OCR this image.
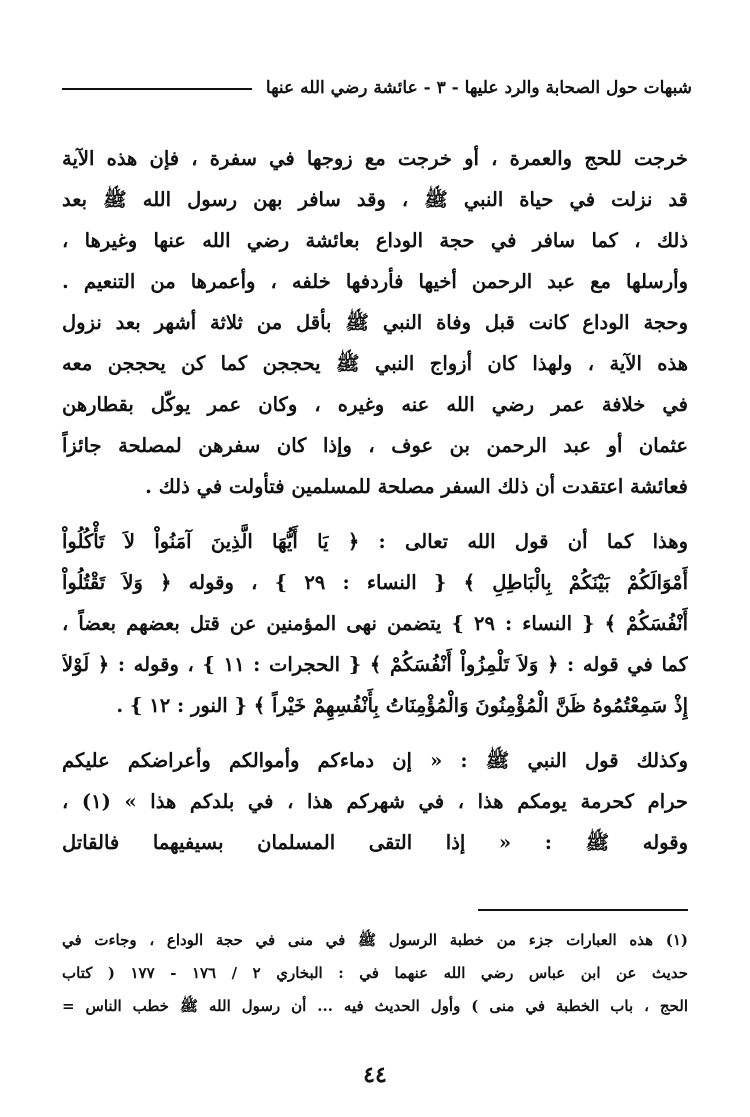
شبهات حول الصحابة والرد عليها - ٣ - عائشة رضي الله عنها
خرجت للحج والعمرة ، أو خرجت مع زوجها في سفرة ، فإن هذه الآية
قد نزلت في حياة النبي ﷺ ، وقد سافر بهن رسول الله ﷺ بعد
ذلك ، كما سافر في حجة الوداع بعائشة رضي الله عنها وغيرها ،
وأرسلها مع عبد الرحمن أخيها فأردفها خلفه ، وأعمرها من التنعيم .
وحجة الوداع كانت قبل وفاة النبي ﷺ بأقل من ثلاثة أشهر بعد نزول
هذه الآية ، ولهذا كان أزواج النبي ﷺ يحججن كما كن يحججن معه
في خلافة عمر رضي الله عنه وغيره ، وكان عمر يوكّل بقطارهن
عثمان أو عبد الرحمن بن عوف ، وإذا كان سفرهن لمصلحة جائزاً
فعائشة اعتقدت أن ذلك السفر مصلحة للمسلمين فتأولت في ذلك .
وهذا كما أن قول الله تعالى : ﴿ يَا أَيُّهَا الَّذِينَ آمَنُواْ لاَ تَأْكُلُواْ
أَمْوَالَكُمْ بَيْنَكُمْ بِالْبَاطِلِ ﴾ { النساء : ٢٩ } ، وقوله ﴿ وَلاَ تَقْتُلُواْ
أَنْفُسَكُمْ ﴾ { النساء : ٢٩ } يتضمن نهى المؤمنين عن قتل بعضهم بعضاً ،
كما في قوله : ﴿ وَلاَ تَلْمِزُواْ أَنْفُسَكُمْ ﴾ { الحجرات : ١١ } ، وقوله : ﴿ لَوْلاَ
إِذْ سَمِعْتُمُوهُ ظَنَّ الْمُؤْمِنُونَ وَالْمُؤْمِنَاتُ بِأَنْفُسِهِمْ خَيْراً ﴾ { النور : ١٢ } .
وكذلك قول النبي ﷺ : « إن دماءكم وأموالكم وأعراضكم عليكم
حرام كحرمة يومكم هذا ، في شهركم هذا ، في بلدكم هذا » (١) ،
وقوله ﷺ : « إذا التقى المسلمان بسيفيهما فالقاتل
(١) هذه العبارات جزء من خطبة الرسول ﷺ في منى في حجة الوداع ، وجاءت في
حديث عن ابن عباس رضي الله عنهما في : البخاري ٢ / ١٧٦ - ١٧٧ ( كتاب
الحج ، باب الخطبة في منى ) وأول الحديث فيه ... أن رسول الله ﷺ خطب الناس =
٤٤
